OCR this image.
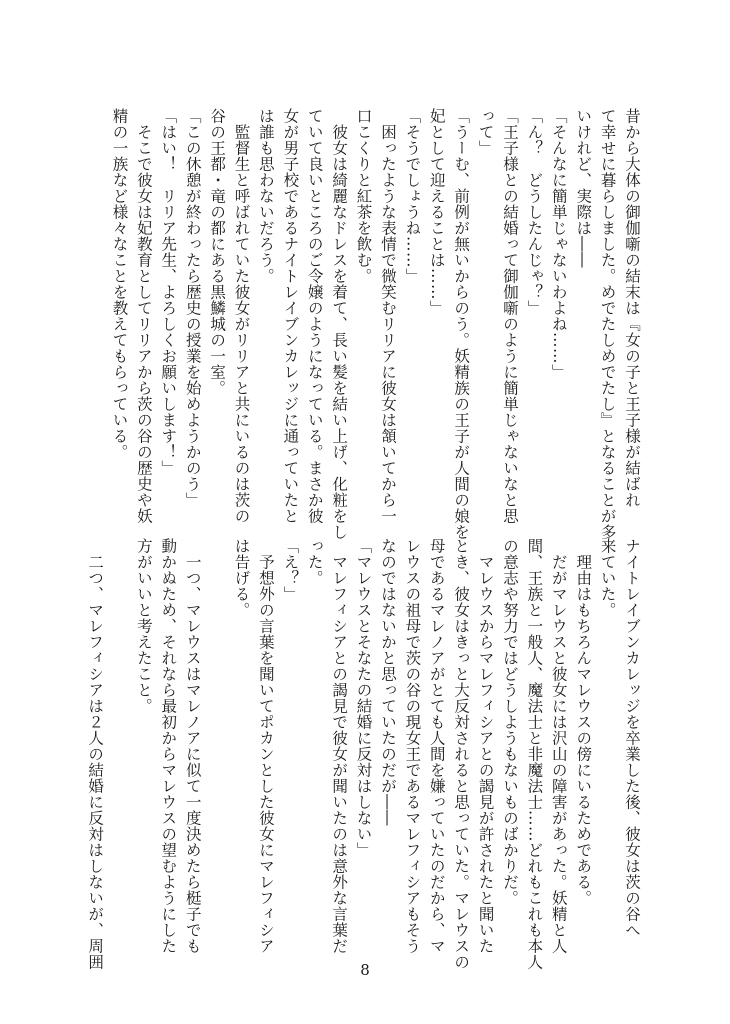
昔から大体の御伽噺の結末は『女の子と王子様が結ばれ

て幸せに暮らしました。めでたしめでたし』となることが多

いけれど、実際は――

「そんなに簡単じゃないわよね……」

「ん？　どうしたんじゃ？」

「王子様との結婚って御伽噺のように簡単じゃないなと思

って」

「うーむ、前例が無いからのう。妖精族の王子が人間の娘を

妃として迎えることは……」

「そうでしょうね……」

　困ったような表情で微笑むリリアに彼女は頷いてから一

口こくりと紅茶を飲む。

　彼女は綺麗なドレスを着て、長い髪を結い上げ、化粧をし

ていて良いところのご令嬢のようになっている。まさか彼

女が男子校であるナイトレイブンカレッジに通っていたと

は誰も思わないだろう。

　監督生と呼ばれていた彼女がリリアと共にいるのは茨の

谷の王都・竜の都にある黒鱗城の一室。

「この休憩が終わったら歴史の授業を始めようかのう」

「はい！　リリア先生、よろしくお願いします！」

　そこで彼女は妃教育としてリリアから茨の谷の歴史や妖

精の一族など様々なことを教えてもらっている。

ナイトレイブンカレッジを卒業した後、彼女は茨の谷へ

来ていた。

　理由はもちろんマレウスの傍にいるためである。

　だがマレウスと彼女には沢山の障害があった。妖精と人

間、王族と一般人、魔法士と非魔法士……どれもこれも本人

の意志や努力ではどうしようもないものばかりだ。

　マレウスからマレフィシアとの謁見が許されたと聞いた

とき、彼女はきっと大反対されると思っていた。マレウスの

母であるマレノアがとても人間を嫌っていたのだから、マ

レウスの祖母で茨の谷の現女王であるマレフィシアもそう

なのではないかと思っていたのだが――

「マレウスとそなたの結婚に反対はしない」

　マレフィシアとの謁見で彼女が聞いたのは意外な言葉だ

った。

「え？」

　予想外の言葉を聞いてポカンとした彼女にマレフィシア

は告げる。

　一つ、マレウスはマレノアに似て一度決めたら梃子でも

動かぬため、それなら最初からマレウスの望むようにした

方がいいと考えたこと。

　二つ、マレフィシアは２人の結婚に反対はしないが、周囲	8
